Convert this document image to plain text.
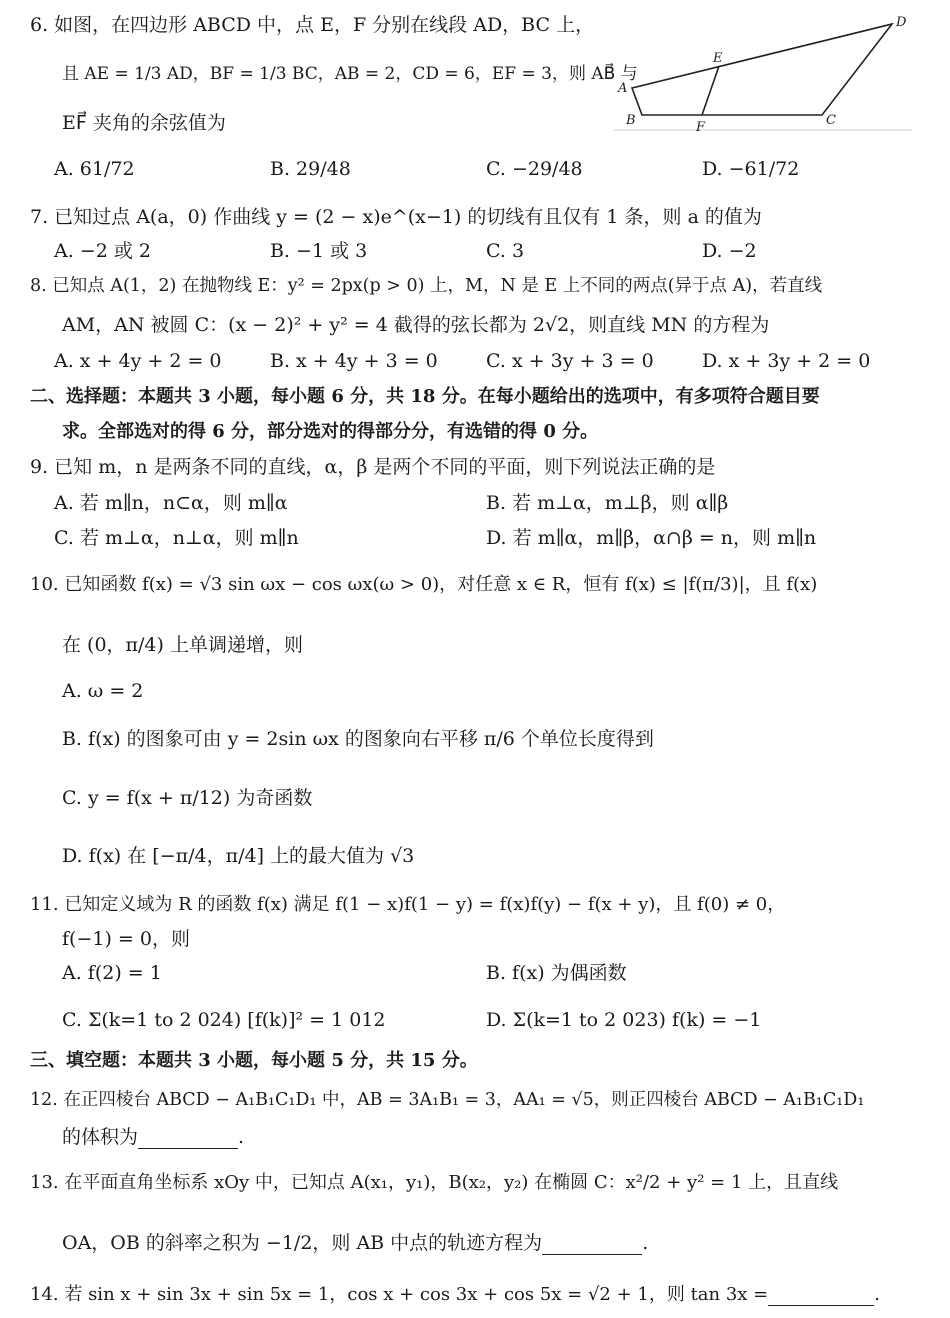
6. 如图，在四边形 ABCD 中，点 E，F 分别在线段 AD，BC 上，
且 AE = 1/3 AD，BF = 1/3 BC，AB = 2，CD = 6，EF = 3，则 AB⃗ 与
EF⃗ 夹角的余弦值为
A
B	C
D
E
F
A. 61/72	B. 29/48	C. −29/48	D. −61/72
7. 已知过点 A(a，0) 作曲线 y = (2 − x)e^(x−1) 的切线有且仅有 1 条，则 a 的值为
A. −2 或 2	B. −1 或 3	C. 3	D. −2
8. 已知点 A(1，2) 在抛物线 E：y² = 2px(p > 0) 上，M，N 是 E 上不同的两点(异于点 A)，若直线
AM，AN 被圆 C：(x − 2)² + y² = 4 截得的弦长都为 2√2，则直线 MN 的方程为
A. x + 4y + 2 = 0	B. x + 4y + 3 = 0	C. x + 3y + 3 = 0	D. x + 3y + 2 = 0
二、选择题：本题共 3 小题，每小题 6 分，共 18 分。在每小题给出的选项中，有多项符合题目要
求。全部选对的得 6 分，部分选对的得部分分，有选错的得 0 分。
9. 已知 m，n 是两条不同的直线，α，β 是两个不同的平面，则下列说法正确的是
A. 若 m∥n，n⊂α，则 m∥α	B. 若 m⊥α，m⊥β，则 α∥β
C. 若 m⊥α，n⊥α，则 m∥n	D. 若 m∥α，m∥β，α∩β = n，则 m∥n
10. 已知函数 f(x) = √3 sin ωx − cos ωx(ω > 0)，对任意 x ∈ R，恒有 f(x) ≤ |f(π/3)|，且 f(x)
在 (0，π/4) 上单调递增，则
A. ω = 2
B. f(x) 的图象可由 y = 2sin ωx 的图象向右平移 π/6 个单位长度得到
C. y = f(x + π/12) 为奇函数
D. f(x) 在 [−π/4，π/4] 上的最大值为 √3
11. 已知定义域为 R 的函数 f(x) 满足 f(1 − x)f(1 − y) = f(x)f(y) − f(x + y)，且 f(0) ≠ 0，
f(−1) = 0，则
A. f(2) = 1	B. f(x) 为偶函数
C. Σ(k=1 to 2 024) [f(k)]² = 1 012	D. Σ(k=1 to 2 023) f(k) = −1
三、填空题：本题共 3 小题，每小题 5 分，共 15 分。
12. 在正四棱台 ABCD − A₁B₁C₁D₁ 中，AB = 3A₁B₁ = 3，AA₁ = √5，则正四棱台 ABCD − A₁B₁C₁D₁
的体积为	.
13. 在平面直角坐标系 xOy 中，已知点 A(x₁，y₁)，B(x₂，y₂) 在椭圆 C：x²/2 + y² = 1 上，且直线
OA，OB 的斜率之积为 −1/2，则 AB 中点的轨迹方程为	.
14. 若 sin x + sin 3x + sin 5x = 1，cos x + cos 3x + cos 5x = √2 + 1，则 tan 3x =	.
